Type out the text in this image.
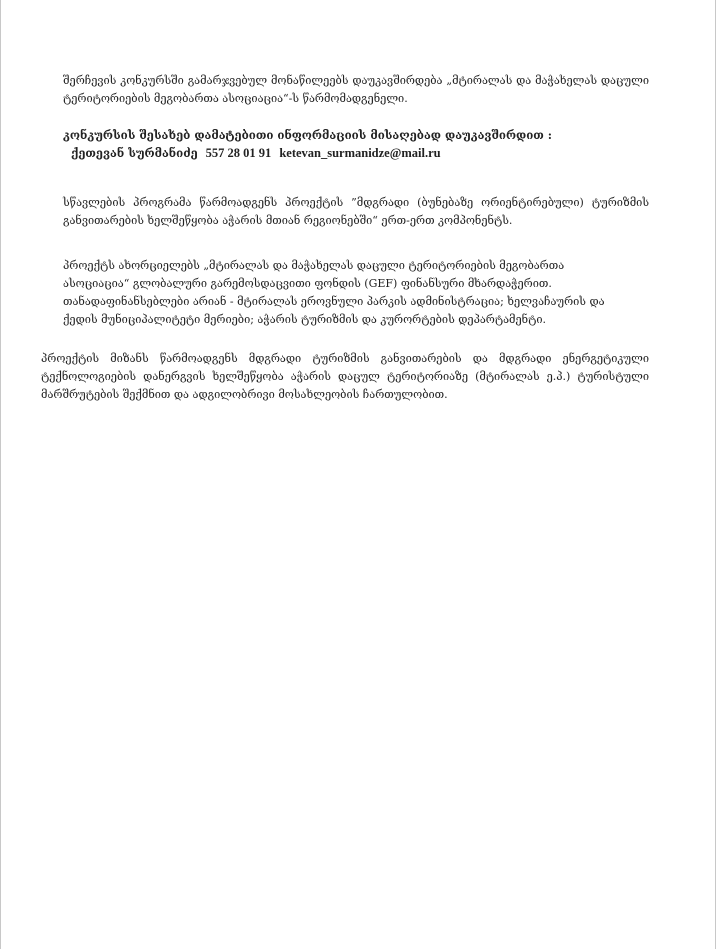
შერჩევის კონკურსში გამარჯვებულ მონაწილეებს დაუკავშირდება „მტირალას და მაჭახელას დაცული ტერიტორიების მეგობართა ასოციაცია“-ს წარმომადგენელი.

კონკურსის შესახებ დამატებითი ინფორმაციის მისაღებად დაუკავშირდით :

ქეთევან სურმანიძე 557 28 01 91 ketevan_surmanidze@mail.ru

სწავლების პროგრამა წარმოადგენს პროექტის ”მდგრადი (ბუნებაზე ორიენტირებული) ტურიზმის განვითარების ხელშეწყობა აჭარის მთიან რეგიონებში“ ერთ-ერთ კომპონენტს.

პროექტს ახორციელებს „მტირალას და მაჭახელას დაცული ტერიტორიების მეგობართა
ასოციაცია“ გლობალური გარემოსდაცვითი ფონდის (GEF) ფინანსური მხარდაჭერით.
თანადაფინანსებლები არიან - მტირალას ეროვნული პარკის ადმინისტრაცია; ხელვაჩაურის და
ქედის მუნიციპალიტეტი მერიები; აჭარის ტურიზმის და კურორტების დეპარტამენტი.

პროექტის მიზანს წარმოადგენს მდგრადი ტურიზმის განვითარების და მდგრადი ენერგეტიკული ტექნოლოგიების დანერგვის ხელშეწყობა აჭარის დაცულ ტერიტორიაზე (მტირალას ე.პ.) ტურისტული მარშრუტების შექმნით და ადგილობრივი მოსახლეობის ჩართულობით.
